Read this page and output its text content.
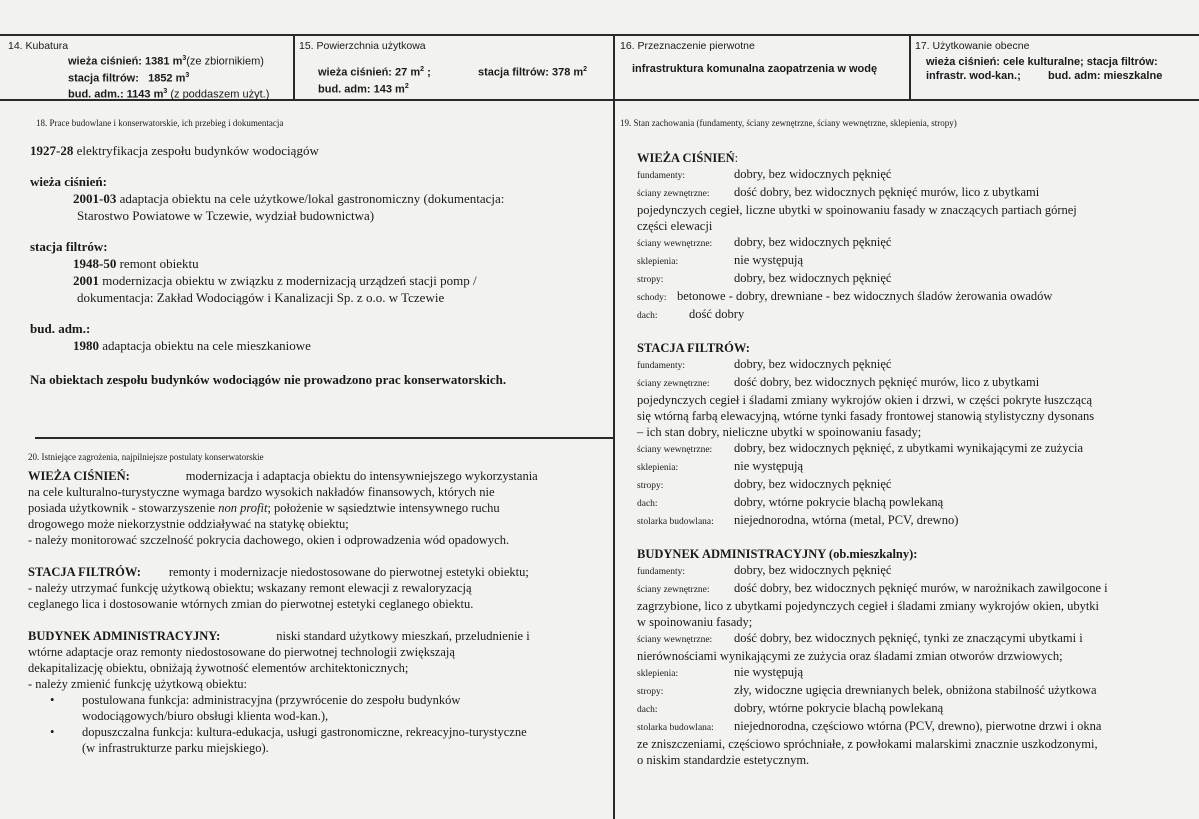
14. Kubatura
wieża ciśnień: 1381 $m^3(ze$ zbiornikiem)
stacja filtrów: 1852 $m^3$
bud. adm.: 1143 $m^3$ (z poddaszem użyt.)
15. Powierzchnia użytkowa
wieża ciśnień: 27 $m^2$ ;	stacja filtrów: 378 $m^2$
bud. adm: 143 $m^2$
16. Przeznaczenie pierwotne
infrastruktura komunalna zaopatrzenia w wodę
17. Użytkowanie obecne
wieża ciśnień: cele kulturalne; stacja filtrów:
infrastr. wod-kan.; bud. adm: mieszkalne
18. Prace budowlane i konserwatorskie, ich przebieg i dokumentacja
1927-28 elektryfikacja zespołu budynków wodociągów
wieża ciśnień:
2001-03 adaptacja obiektu na cele użytkowe/lokal gastronomiczny (dokumentacja:
Starostwo Powiatowe w Tczewie, wydział budownictwa)
stacja filtrów:
1948-50 remont obiektu
2001 modernizacja obiektu w związku z modernizacją urządzeń stacji pomp /
dokumentacja: Zakład Wodociągów i Kanalizacji Sp. z o.o. w Tczewie
bud. adm.:
1980 adaptacja obiektu na cele mieszkaniowe
Na obiektach zespołu budynków wodociągów nie prowadzono prac konserwatorskich.
20. Istniejące zagrożenia, najpilniejsze postulaty konserwatorskie
WIEŻA CIŚNIEŃ:	modernizacja i adaptacja obiektu do intensywniejszego wykorzystania
na cele kulturalno-turystyczne wymaga bardzo wysokich nakładów finansowych, których nie
posiada użytkownik - stowarzyszenie non profit; położenie w sąsiedztwie intensywnego ruchu
drogowego może niekorzystnie oddziaływać na statykę obiektu;
- należy monitorować szczelność pokrycia dachowego, okien i odprowadzenia wód opadowych.
STACJA FILTRÓW: remonty i modernizacje niedostosowane do pierwotnej estetyki obiektu;
- należy utrzymać funkcję użytkową obiektu; wskazany remont elewacji z rewaloryzacją
ceglanego lica i dostosowanie wtórnych zmian do pierwotnej estetyki ceglanego obiektu.
BUDYNEK ADMINISTRACYJNY:	niski standard użytkowy mieszkań, przeludnienie i
wtórne adaptacje oraz remonty niedostosowane do pierwotnej technologii zwiększają
dekapitalizację obiektu, obniżają żywotność elementów architektonicznych;
- należy zmienić funkcję użytkową obiektu:
• postulowana funkcja: administracyjna (przywrócenie do zespołu budynków
wodociągowych/biuro obsługi klienta wod-kan.),
• dopuszczalna funkcja: kultura-edukacja, usługi gastronomiczne, rekreacyjno-turystyczne
(w infrastrukturze parku miejskiego).
19. Stan zachowania (fundamenty, ściany zewnętrzne, ściany wewnętrzne, sklepienia, stropy)
WIEŻA CIŚNIEŃ:
fundamenty:	dobry, bez widocznych pęknięć
ściany zewnętrzne: dość dobry, bez widocznych pęknięć murów, lico z ubytkami
pojedynczych cegieł, liczne ubytki w spoinowaniu fasady w znaczących partiach górnej
części elewacji
ściany wewnętrzne: dobry, bez widocznych pęknięć
sklepienia:	nie występują
stropy:	dobry, bez widocznych pęknięć
schody: betonowe - dobry, drewniane - bez widocznych śladów żerowania owadów
dach:	dość dobry
STACJA FILTRÓW:
fundamenty:	dobry, bez widocznych pęknięć
ściany zewnętrzne: dość dobry, bez widocznych pęknięć murów, lico z ubytkami
pojedynczych cegieł i śladami zmiany wykrojów okien i drzwi, w części pokryte łuszczącą
się wtórną farbą elewacyjną, wtórne tynki fasady frontowej stanowią stylistyczny dysonans
– ich stan dobry, nieliczne ubytki w spoinowaniu fasady;
ściany wewnętrzne: dobry, bez widocznych pęknięć, z ubytkami wynikającymi ze zużycia
sklepienia:	nie występują
stropy:	dobry, bez widocznych pęknięć
dach:	dobry, wtórne pokrycie blachą powlekaną
stolarka budowlana: niejednorodna, wtórna (metal, PCV, drewno)
BUDYNEK ADMINISTRACYJNY (ob.mieszkalny):
fundamenty:	dobry, bez widocznych pęknięć
ściany zewnętrzne: dość dobry, bez widocznych pęknięć murów, w narożnikach zawilgocone i
zagrzybione, lico z ubytkami pojedynczych cegieł i śladami zmiany wykrojów okien, ubytki
w spoinowaniu fasady;
ściany wewnętrzne: dość dobry, bez widocznych pęknięć, tynki ze znaczącymi ubytkami i
nierównościami wynikającymi ze zużycia oraz śladami zmian otworów drzwiowych;
sklepienia:	nie występują
stropy:	zły, widoczne ugięcia drewnianych belek, obniżona stabilność użytkowa
dach:	dobry, wtórne pokrycie blachą powlekaną
stolarka budowlana: niejednorodna, częściowo wtórna (PCV, drewno), pierwotne drzwi i okna
ze zniszczeniami, częściowo spróchniałe, z powłokami malarskimi znacznie uszkodzonymi,
o niskim standardzie estetycznym.
